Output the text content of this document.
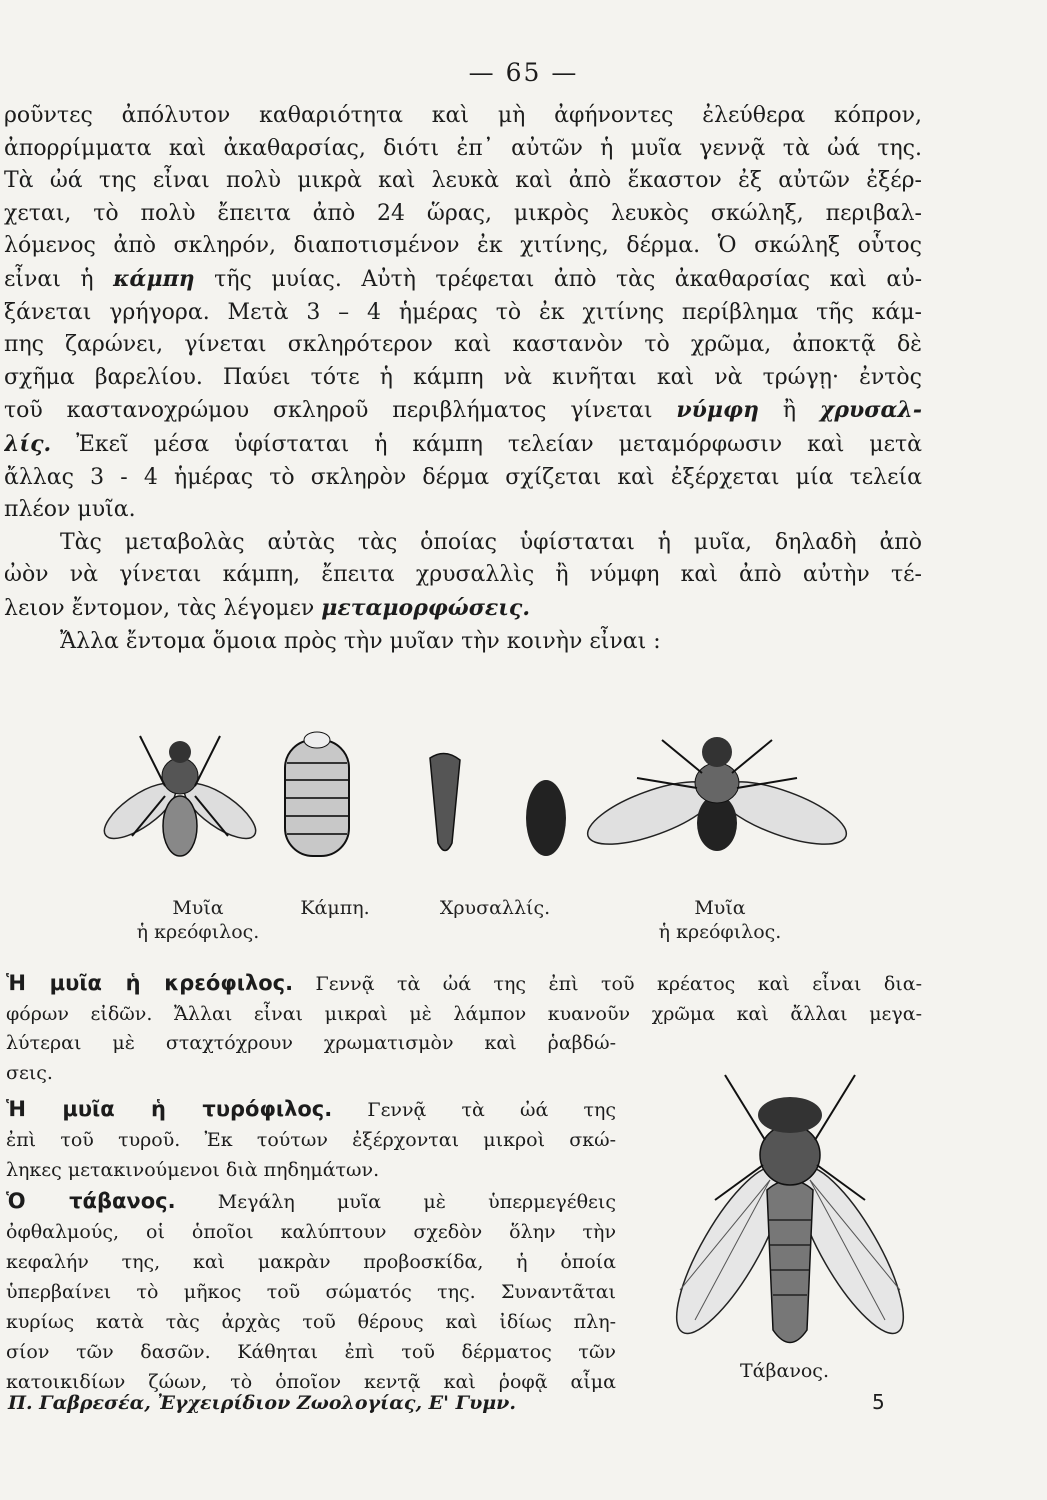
— 65 —

ροῦντες ἀπόλυτον καθαριότητα καὶ μὴ ἀφήνοντες ἐλεύθερα κόπρον,

ἀπορρίμματα καὶ ἀκαθαρσίας, διότι ἐπ᾽ αὐτῶν ἡ μυῖα γεννᾷ τὰ ὠά της.

Τὰ ὠά της εἶναι πολὺ μικρὰ καὶ λευκὰ καὶ ἀπὸ ἕκαστον ἐξ αὐτῶν ἐξέρ-

χεται, τὸ πολὺ ἔπειτα ἀπὸ 24 ὥρας, μικρὸς λευκὸς σκώληξ, περιβαλ-

λόμενος ἀπὸ σκληρόν, διαποτισμένον ἐκ χιτίνης, δέρμα. Ὁ σκώληξ οὗτος

εἶναι ἡ κάμπη τῆς μυίας. Αὐτὴ τρέφεται ἀπὸ τὰς ἀκαθαρσίας καὶ αὐ-

ξάνεται γρήγορα. Μετὰ 3 – 4 ἡμέρας τὸ ἐκ χιτίνης περίβλημα τῆς κάμ-

πης ζαρώνει, γίνεται σκληρότερον καὶ καστανὸν τὸ χρῶμα, ἀποκτᾷ δὲ

σχῆμα βαρελίου. Παύει τότε ἡ κάμπη νὰ κινῆται καὶ νὰ τρώγῃ· ἐντὸς

τοῦ καστανοχρώμου σκληροῦ περιβλήματος γίνεται νύμφη ἢ χρυσαλ-

λίς. Ἐκεῖ μέσα ὑφίσταται ἡ κάμπη τελείαν μεταμόρφωσιν καὶ μετὰ

ἄλλας 3 - 4 ἡμέρας τὸ σκληρὸν δέρμα σχίζεται καὶ ἐξέρχεται μία τελεία

πλέον μυῖα.

Τὰς μεταβολὰς αὐτὰς τὰς ὁποίας ὑφίσταται ἡ μυῖα, δηλαδὴ ἀπὸ

ὠὸν νὰ γίνεται κάμπη, ἔπειτα χρυσαλλὶς ἢ νύμφη καὶ ἀπὸ αὐτὴν τέ-

λειον ἔντομον, τὰς λέγομεν μεταμορφώσεις.

Ἄλλα ἔντομα ὅμοια πρὸς τὴν μυῖαν τὴν κοινὴν εἶναι :

Μυῖα
ἡ κρεόφιλος.
Κάμπη.	Χρυσαλλίς.	Μυῖα
ἡ κρεόφιλος.

Ἡ μυῖα ἡ κρεόφιλος. Γεννᾷ τὰ ὠά της ἐπὶ τοῦ κρέατος καὶ εἶναι δια-

φόρων εἰδῶν. Ἄλλαι εἶναι μικραὶ μὲ λάμπον κυανοῦν χρῶμα καὶ ἄλλαι μεγα-

λύτεραι μὲ σταχτόχρουν χρωματισμὸν καὶ ῥαβδώ-

σεις.

Ἡ μυῖα ἡ τυρόφιλος. Γεννᾷ τὰ ὠά της

ἐπὶ τοῦ τυροῦ. Ἐκ τούτων ἐξέρχονται μικροὶ σκώ-

ληκες μετακινούμενοι διὰ πηδημάτων.

Ὁ τάβανος. Μεγάλη μυῖα μὲ ὑπερμεγέθεις

ὀφθαλμούς, οἱ ὁποῖοι καλύπτουν σχεδὸν ὅλην τὴν

κεφαλήν της, καὶ μακρὰν προβοσκίδα, ἡ ὁποία

ὑπερβαίνει τὸ μῆκος τοῦ σώματός της. Συναντᾶται

κυρίως κατὰ τὰς ἀρχὰς τοῦ θέρους καὶ ἰδίως πλη-

σίον τῶν δασῶν. Κάθηται ἐπὶ τοῦ δέρματος τῶν

κατοικιδίων ζώων, τὸ ὁποῖον κεντᾷ καὶ ῥοφᾷ αἷμα	Τάβανος.
Π. Γαβρεσέα, Ἐγχειρίδιον Ζωολογίας, Ε' Γυμν.	5
